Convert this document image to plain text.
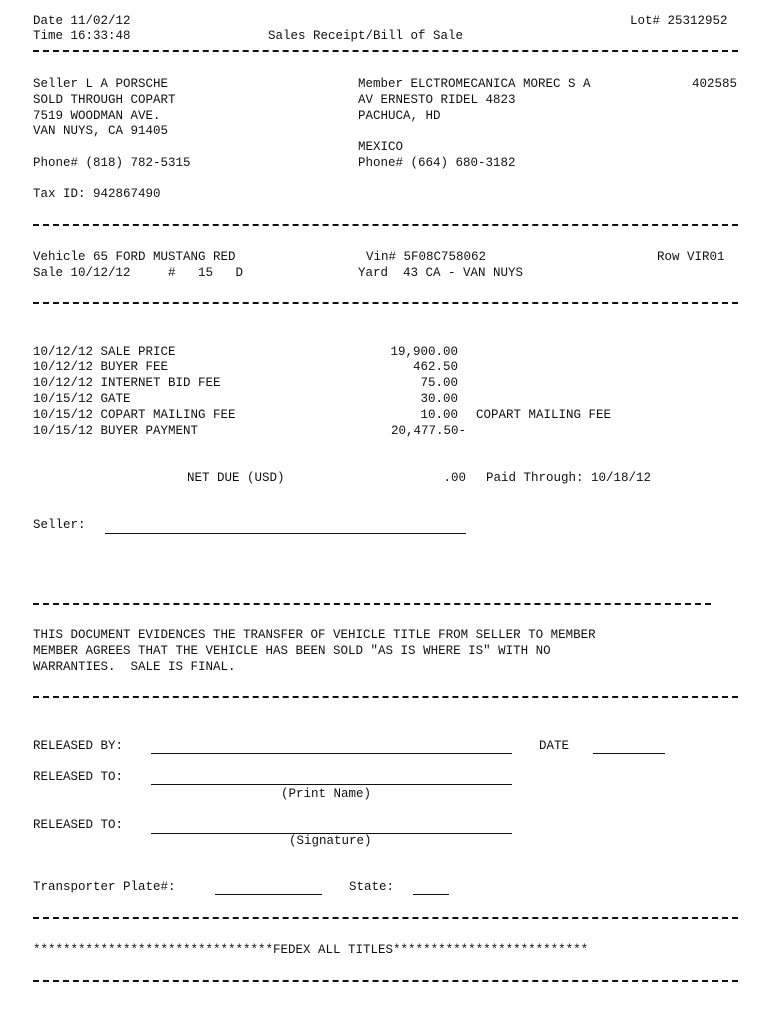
Date 11/02/12
Time 16:33:48	Sales Receipt/Bill of Sale
Lot# 25312952
Seller L A PORSCHE
SOLD THROUGH COPART
7519 WOODMAN AVE.
VAN NUYS, CA 91405
Phone# (818) 782-5315
Tax ID: 942867490
Member ELCTROMECANICA MOREC S A	402585
AV ERNESTO RIDEL 4823
PACHUCA, HD
MEXICO
Phone# (664) 680-3182
Vehicle 65 FORD MUSTANG RED	Vin# 5F08C758062	Row VIR01
Sale 10/12/12     #   15   D	Yard  43 CA - VAN NUYS
10/12/12 SALE PRICE	19,900.00
10/12/12 BUYER FEE	462.50
10/12/12 INTERNET BID FEE	75.00
10/15/12 GATE	30.00
10/15/12 COPART MAILING FEE	10.00 COPART MAILING FEE
10/15/12 BUYER PAYMENT	20,477.50-
NET DUE (USD)	.00 Paid Through: 10/18/12
Seller:
THIS DOCUMENT EVIDENCES THE TRANSFER OF VEHICLE TITLE FROM SELLER TO MEMBER
MEMBER AGREES THAT THE VEHICLE HAS BEEN SOLD "AS IS WHERE IS" WITH NO
WARRANTIES.  SALE IS FINAL.
RELEASED BY:	DATE
RELEASED TO:
(Print Name)
RELEASED TO:
(Signature)
Transporter Plate#:	State:
********************************FEDEX ALL TITLES**************************
